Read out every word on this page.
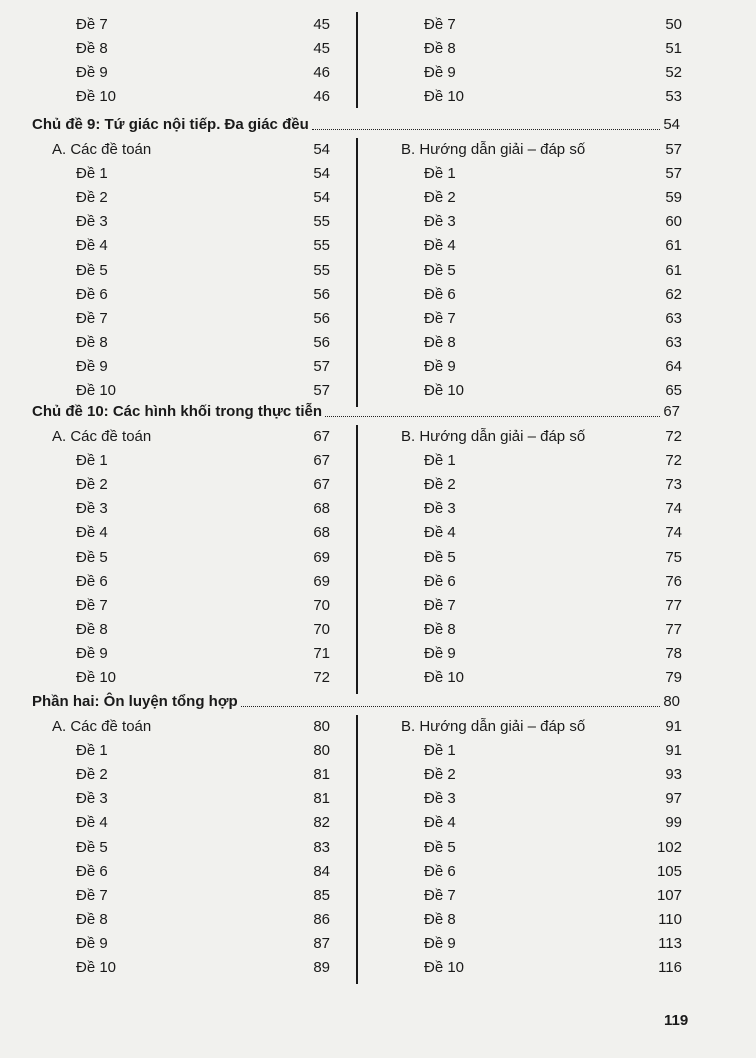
119
Đề 7	45
Đề 8	45
Đề 9	46
Đề 10	46
Đề 7	50
Đề 8	51
Đề 9	52
Đề 10	53
Chủ đề 9: Tứ giác nội tiếp. Đa giác đều	54
A. Các đề toán	54	B. Hướng dẫn giải – đáp số	57
Đề 1	54
Đề 2	54
Đề 3	55
Đề 4	55
Đề 5	55
Đề 6	56
Đề 7	56
Đề 8	56
Đề 9	57
Đề 10	57
Đề 1	57
Đề 2	59
Đề 3	60
Đề 4	61
Đề 5	61
Đề 6	62
Đề 7	63
Đề 8	63
Đề 9	64
Đề 10	65
Chủ đề 10: Các hình khối trong thực tiễn	67
A. Các đề toán	67	B. Hướng dẫn giải – đáp số	72
Đề 1	67
Đề 2	67
Đề 3	68
Đề 4	68
Đề 5	69
Đề 6	69
Đề 7	70
Đề 8	70
Đề 9	71
Đề 10	72
Đề 1	72
Đề 2	73
Đề 3	74
Đề 4	74
Đề 5	75
Đề 6	76
Đề 7	77
Đề 8	77
Đề 9	78
Đề 10	79
Phần hai: Ôn luyện tổng hợp	80
A. Các đề toán	80	B. Hướng dẫn giải – đáp số	91
Đề 1	80
Đề 2	81
Đề 3	81
Đề 4	82
Đề 5	83
Đề 6	84
Đề 7	85
Đề 8	86
Đề 9	87
Đề 10	89
Đề 1	91
Đề 2	93
Đề 3	97
Đề 4	99
Đề 5	102
Đề 6	105
Đề 7	107
Đề 8	110
Đề 9	113
Đề 10	116
